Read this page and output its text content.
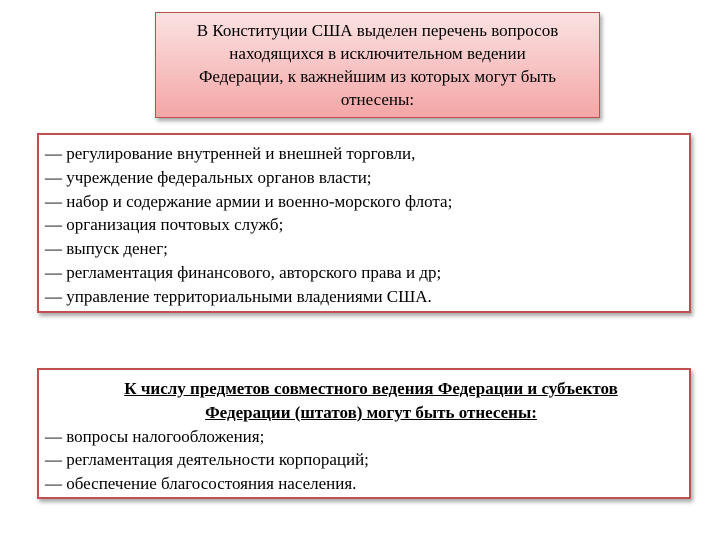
В Конституции США выделен перечень вопросов
находящихся в исключительном ведении
Федерации, к важнейшим из которых могут быть
отнесены:
— регулирование внутренней и внешней торговли,
— учреждение федеральных органов власти;
— набор и содержание армии и военно-морского флота;
— организация почтовых служб;
— выпуск денег;
— регламентация финансового, авторского права и др;
— управление территориальными владениями США.
К числу предметов совместного ведения Федерации и субъектов
Федерации (штатов) могут быть отнесены:
— вопросы налогообложения;
— регламентация деятельности корпораций;
— обеспечение благосостояния населения.
